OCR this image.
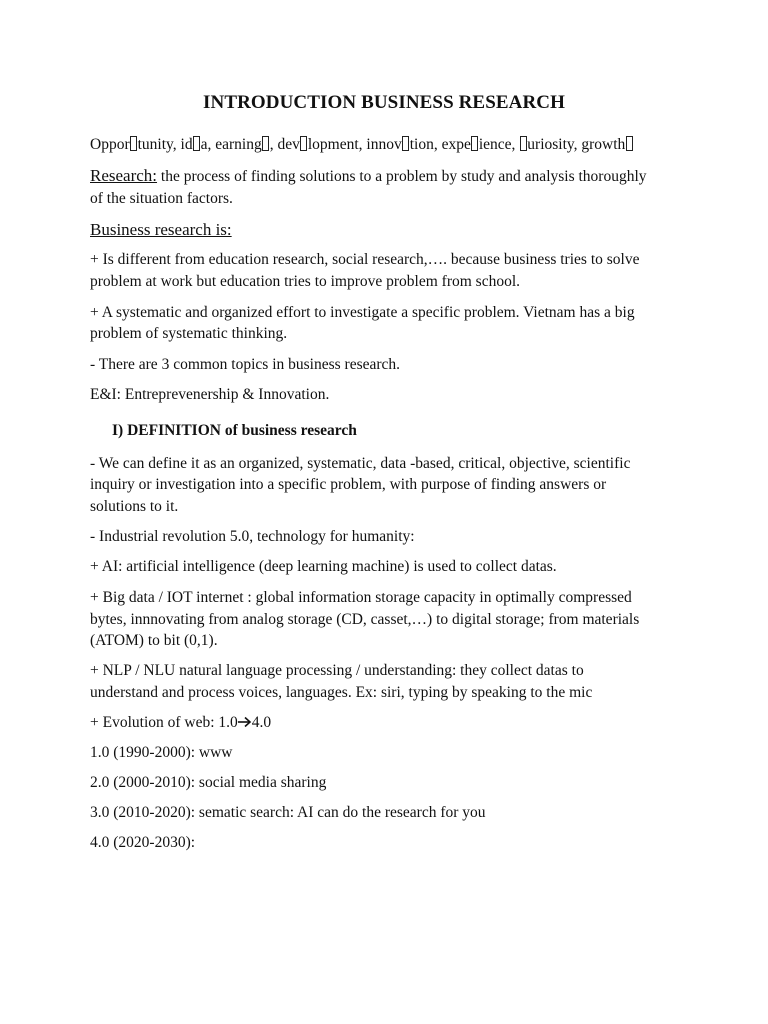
INTRODUCTION BUSINESS RESEARCH
Oppor tunity, id a, earning , dev lopment, innov tion, expe ience, uriosity, growth
Research: the process of finding solutions to a problem by study and analysis thoroughly
of the situation factors.
Business research is:
+ Is different from education research, social research,…. because business tries to solve
problem at work but education tries to improve problem from school.
+ A systematic and organized effort to investigate a specific problem. Vietnam has a big
problem of systematic thinking.
- There are 3 common topics in business research.
E&I: Entreprevenership & Innovation.
I) DEFINITION of business research
- We can define it as an organized, systematic, data -based, critical, objective, scientific
inquiry or investigation into a specific problem, with purpose of finding answers or
solutions to it.
- Industrial revolution 5.0, technology for humanity:
+ AI: artificial intelligence (deep learning machine) is used to collect datas.
+ Big data / IOT internet : global information storage capacity in optimally compressed
bytes, innnovating from analog storage (CD, casset,…) to digital storage; from materials
(ATOM) to bit (0,1).
+ NLP / NLU natural language processing / understanding: they collect datas to
understand and process voices, languages. Ex: siri, typing by speaking to the mic
+ Evolution of web: 1.0 4.0
1.0 (1990-2000): www
2.0 (2000-2010): social media sharing
3.0 (2010-2020): sematic search: AI can do the research for you
4.0 (2020-2030):
